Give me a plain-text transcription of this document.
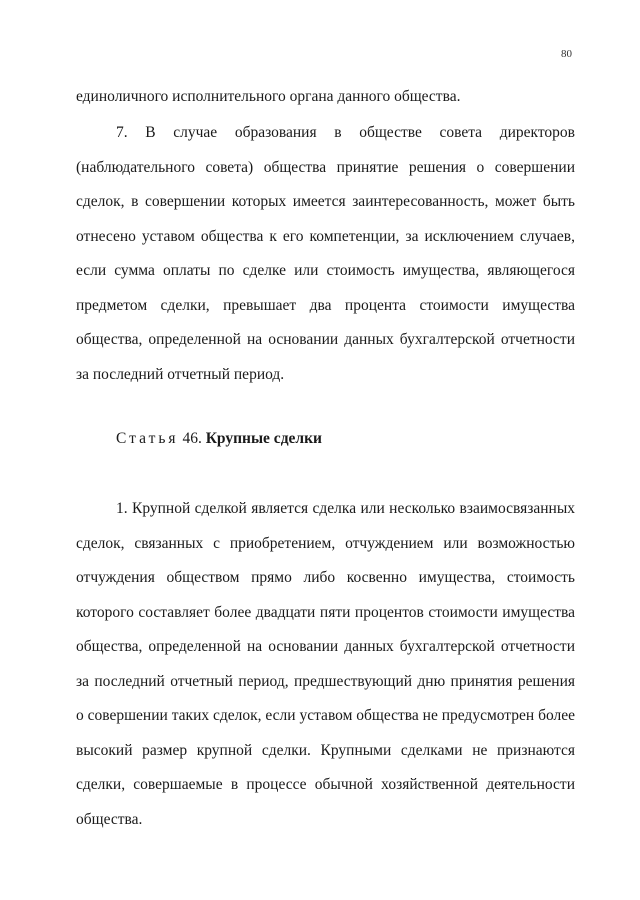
80

единоличного исполнительного органа данного общества.

7. В случае образования в обществе совета директоров (наблюдательного совета) общества принятие решения о совершении сделок, в совершении которых имеется заинтересованность, может быть отнесено уставом общества к его компетенции, за исключением случаев, если сумма оплаты по сделке или стоимость имущества, являющегося предметом сделки, превышает два процента стоимости имущества общества, определенной на основании данных бухгалтерской отчетности за последний отчетный период.

Статья 46. Крупные сделки

1. Крупной сделкой является сделка или несколько взаимосвязанных сделок, связанных с приобретением, отчуждением или возможностью отчуждения обществом прямо либо косвенно имущества, стоимость которого составляет более двадцати пяти процентов стоимости имущества общества, определенной на основании данных бухгалтерской отчетности за последний отчетный период, предшествующий дню принятия решения о совершении таких сделок, если уставом общества не предусмотрен более высокий размер крупной сделки. Крупными сделками не признаются сделки, совершаемые в процессе обычной хозяйственной деятельности общества.
